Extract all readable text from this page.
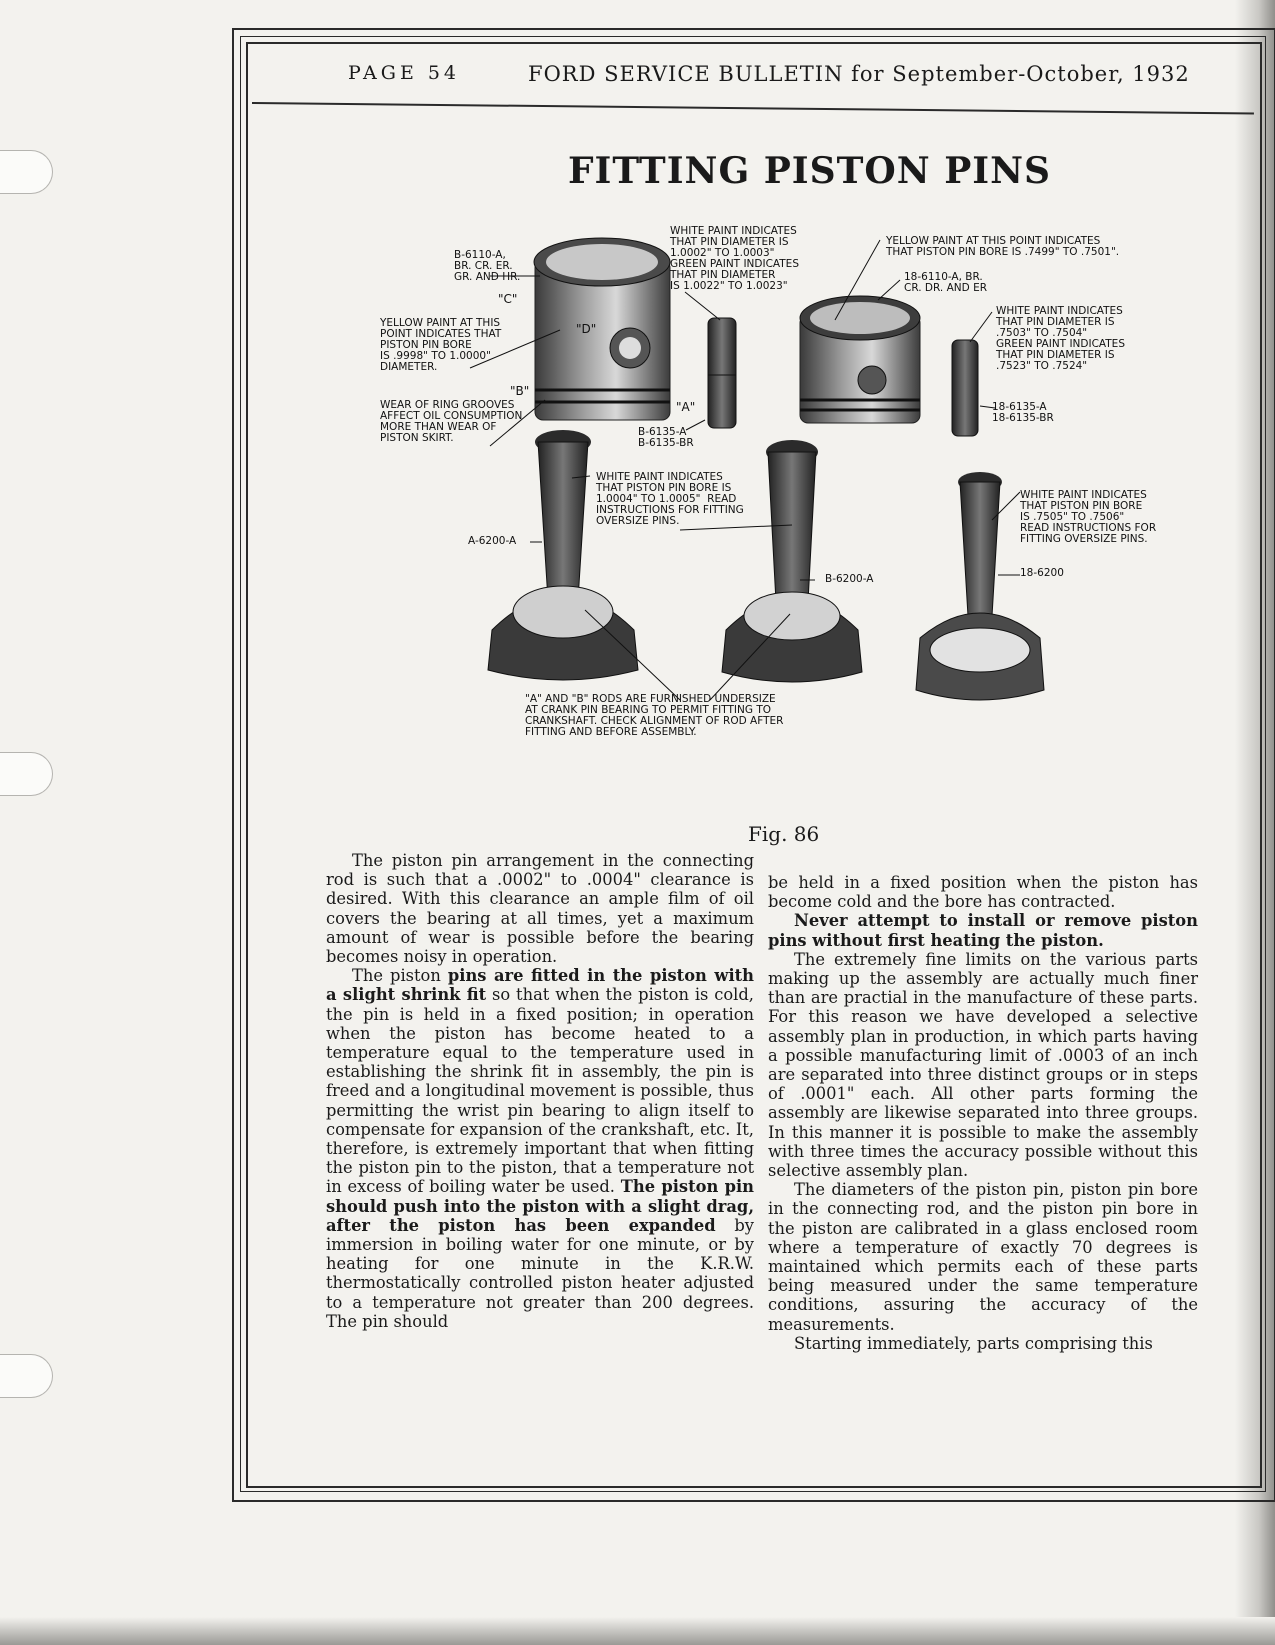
PAGE 54	FORD SERVICE BULLETIN for September-October, 1932
FITTING PISTON PINS
B-6110-A,
BR. CR. ER.
GR. AND HR.
YELLOW PAINT AT THIS
POINT INDICATES THAT
PISTON PIN BORE
IS .9998" TO 1.0000"
DIAMETER.
WEAR OF RING GROOVES
AFFECT OIL CONSUMPTION
MORE THAN WEAR OF
PISTON SKIRT.
WHITE PAINT INDICATES
THAT PIN DIAMETER IS
1.0002" TO 1.0003"
GREEN PAINT INDICATES
THAT PIN DIAMETER
IS 1.0022" TO 1.0023"
B-6135-A
B-6135-BR
YELLOW PAINT AT THIS POINT INDICATES
THAT PISTON PIN BORE IS .7499" TO .7501".
18-6110-A, BR.
CR. DR. AND ER
WHITE PAINT INDICATES
THAT PIN DIAMETER IS
.7503" TO .7504"
GREEN PAINT INDICATES
THAT PIN DIAMETER IS
.7523" TO .7524"
18-6135-A
18-6135-BR
WHITE PAINT INDICATES
THAT PISTON PIN BORE IS
1.0004" TO 1.0005"  READ
INSTRUCTIONS FOR FITTING
OVERSIZE PINS.
A-6200-A
B-6200-A
WHITE PAINT INDICATES
THAT PISTON PIN BORE
IS .7505" TO .7506"
READ INSTRUCTIONS FOR
FITTING OVERSIZE PINS.
18-6200
"A" AND "B" RODS ARE FURNISHED UNDERSIZE
AT CRANK PIN BEARING TO PERMIT FITTING TO
CRANKSHAFT. CHECK ALIGNMENT OF ROD AFTER
FITTING AND BEFORE ASSEMBLY.
"A"
"B"
"C"
"D"
Fig. 86

The piston pin arrangement in the connecting rod is such that a .0002" to .0004" clearance is desired. With this clearance an ample film of oil covers the bearing at all times, yet a maximum amount of wear is possible before the bearing becomes noisy in operation.

The piston pins are fitted in the piston with a slight shrink fit so that when the piston is cold, the pin is held in a fixed position; in operation when the piston has become heated to a temperature equal to the temperature used in establishing the shrink fit in assembly, the pin is freed and a longitudinal movement is possible, thus permitting the wrist pin bearing to align itself to compensate for expansion of the crankshaft, etc. It, therefore, is extremely important that when fitting the piston pin to the piston, that a temperature not in excess of boiling water be used. The piston pin should push into the piston with a slight drag, after the piston has been expanded by immersion in boiling water for one minute, or by heating for one minute in the K.R.W. thermostatically controlled piston heater adjusted to a temperature not greater than 200 degrees. The pin should

be held in a fixed position when the piston has become cold and the bore has contracted.

Never attempt to install or remove piston pins without first heating the piston.

The extremely fine limits on the various parts making up the assembly are actually much finer than are practial in the manufacture of these parts. For this reason we have developed a selective assembly plan in production, in which parts having a possible manufacturing limit of .0003 of an inch are separated into three distinct groups or in steps of .0001" each. All other parts forming the assembly are likewise separated into three groups. In this manner it is possible to make the assembly with three times the accuracy possible without this selective assembly plan.

The diameters of the piston pin, piston pin bore in the connecting rod, and the piston pin bore in the piston are calibrated in a glass enclosed room where a temperature of exactly 70 degrees is maintained which permits each of these parts being measured under the same temperature conditions, assuring the accuracy of the measurements.

Starting immediately, parts comprising this
